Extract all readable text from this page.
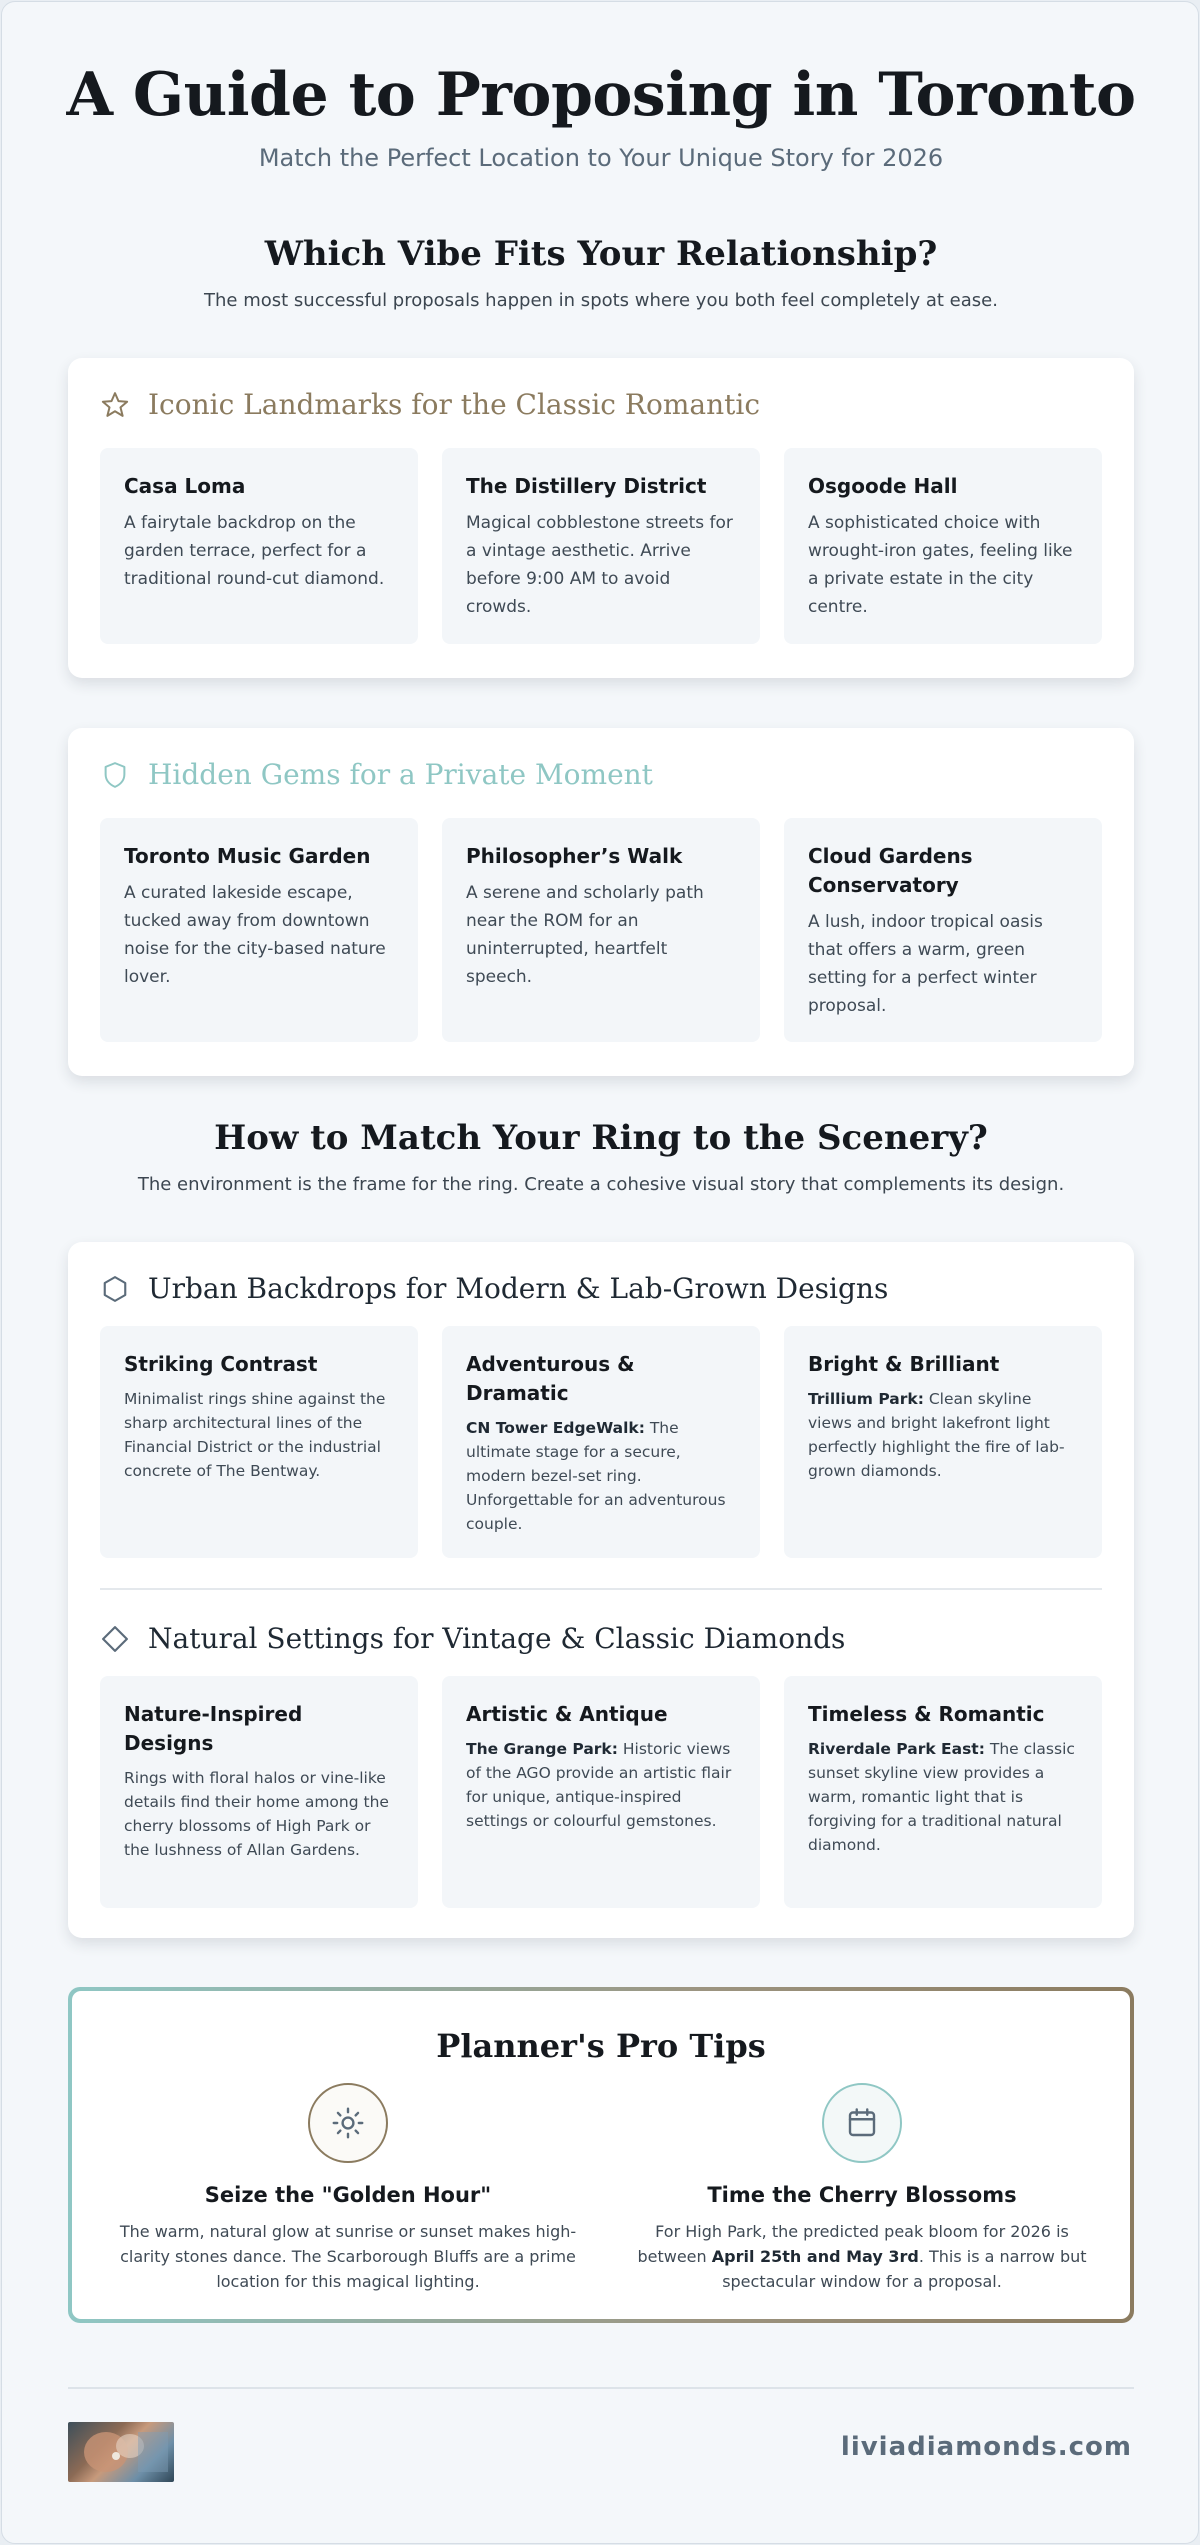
A Guide to Proposing in Toronto
Match the Perfect Location to Your Unique Story for 2026
Which Vibe Fits Your Relationship?
The most successful proposals happen in spots where you both feel completely at ease.
Iconic Landmarks for the Classic Romantic
Casa Loma
A fairytale backdrop on the garden terrace, perfect for a traditional round-cut diamond.
The Distillery District
Magical cobblestone streets for a vintage aesthetic. Arrive before 9:00 AM to avoid crowds.
Osgoode Hall
A sophisticated choice with wrought-iron gates, feeling like a private estate in the city centre.
Hidden Gems for a Private Moment
Toronto Music Garden
A curated lakeside escape, tucked away from downtown noise for the city-based nature lover.
Philosopher’s Walk
A serene and scholarly path near the ROM for an uninterrupted, heartfelt speech.
Cloud Gardens Conservatory
A lush, indoor tropical oasis that offers a warm, green setting for a perfect winter proposal.
How to Match Your Ring to the Scenery?
The environment is the frame for the ring. Create a cohesive visual story that complements its design.
Urban Backdrops for Modern & Lab-Grown Designs
Striking Contrast
Minimalist rings shine against the sharp architectural lines of the Financial District or the industrial concrete of The Bentway.
Adventurous & Dramatic
CN Tower EdgeWalk: The ultimate stage for a secure, modern bezel-set ring. Unforgettable for an adventurous couple.
Bright & Brilliant
Trillium Park: Clean skyline views and bright lakefront light perfectly highlight the fire of lab-grown diamonds.
Natural Settings for Vintage & Classic Diamonds
Nature-Inspired Designs
Rings with floral halos or vine-like details find their home among the cherry blossoms of High Park or the lushness of Allan Gardens.
Artistic & Antique
The Grange Park: Historic views of the AGO provide an artistic flair for unique, antique-inspired settings or colourful gemstones.
Timeless & Romantic
Riverdale Park East: The classic sunset skyline view provides a warm, romantic light that is forgiving for a traditional natural diamond.
Planner's Pro Tips
Seize the "Golden Hour"
The warm, natural glow at sunrise or sunset makes high-clarity stones dance. The Scarborough Bluffs are a prime location for this magical lighting.
Time the Cherry Blossoms
For High Park, the predicted peak bloom for 2026 is between April 25th and May 3rd. This is a narrow but spectacular window for a proposal.
liviadiamonds.com
